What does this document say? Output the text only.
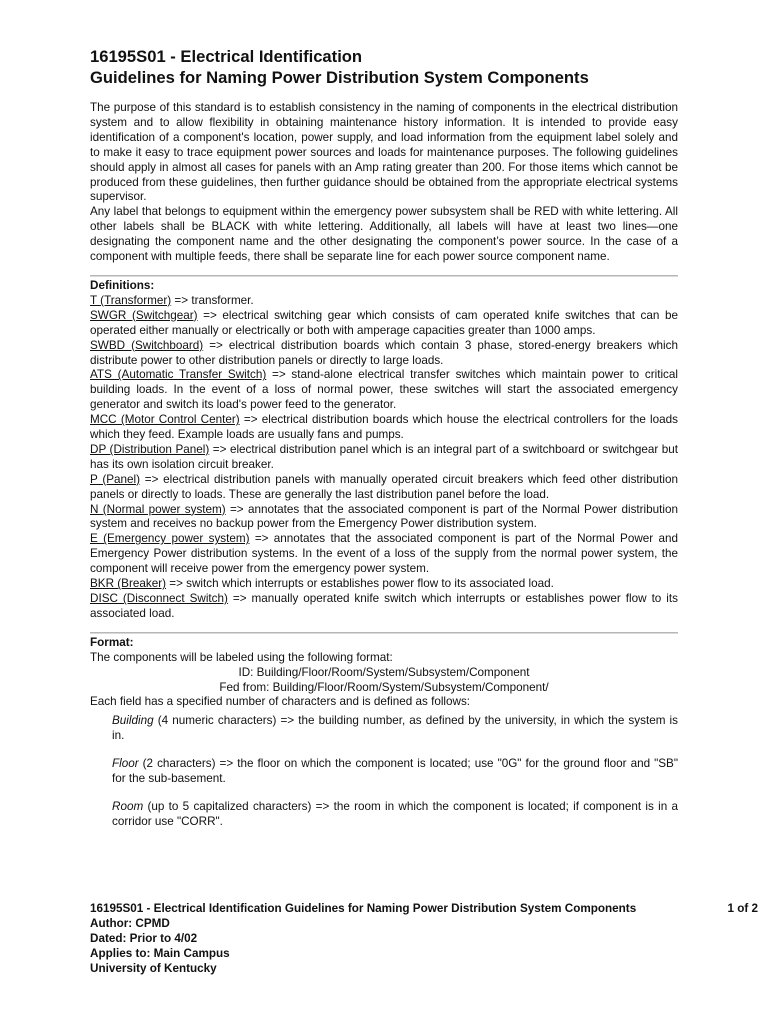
16195S01 - Electrical Identification
Guidelines for Naming Power Distribution System Components

The purpose of this standard is to establish consistency in the naming of components in the electrical distribution system and to allow flexibility in obtaining maintenance history information. It is intended to provide easy identification of a component's location, power supply, and load information from the equipment label solely and to make it easy to trace equipment power sources and loads for maintenance purposes. The following guidelines should apply in almost all cases for panels with an Amp rating greater than 200. For those items which cannot be produced from these guidelines, then further guidance should be obtained from the appropriate electrical systems supervisor.

Any label that belongs to equipment within the emergency power subsystem shall be RED with white lettering. All other labels shall be BLACK with white lettering. Additionally, all labels will have at least two lines—one designating the component name and the other designating the component’s power source. In the case of a component with multiple feeds, there shall be separate line for each power source component name.

Definitions:
T (Transformer) => transformer.
SWGR (Switchgear) => electrical switching gear which consists of cam operated knife switches that can be operated either manually or electrically or both with amperage capacities greater than 1000 amps.
SWBD (Switchboard) => electrical distribution boards which contain 3 phase, stored-energy breakers which distribute power to other distribution panels or directly to large loads.
ATS (Automatic Transfer Switch) => stand-alone electrical transfer switches which maintain power to critical building loads. In the event of a loss of normal power, these switches will start the associated emergency generator and switch its load's power feed to the generator.
MCC (Motor Control Center) => electrical distribution boards which house the electrical controllers for the loads which they feed. Example loads are usually fans and pumps.
DP (Distribution Panel) => electrical distribution panel which is an integral part of a switchboard or switchgear but has its own isolation circuit breaker.
P (Panel) => electrical distribution panels with manually operated circuit breakers which feed other distribution panels or directly to loads. These are generally the last distribution panel before the load.
N (Normal power system) => annotates that the associated component is part of the Normal Power distribution system and receives no backup power from the Emergency Power distribution system.
E (Emergency power system) => annotates that the associated component is part of the Normal Power and Emergency Power distribution systems. In the event of a loss of the supply from the normal power system, the component will receive power from the emergency power system.
BKR (Breaker) => switch which interrupts or establishes power flow to its associated load.
DISC (Disconnect Switch) => manually operated knife switch which interrupts or establishes power flow to its associated load.
Format:
The components will be labeled using the following format:
ID: Building/Floor/Room/System/Subsystem/Component
Fed from: Building/Floor/Room/System/Subsystem/Component/
Each field has a specified number of characters and is defined as follows:
Building (4 numeric characters) => the building number, as defined by the university, in which the system is in.
Floor (2 characters) => the floor on which the component is located; use "0G" for the ground floor and "SB" for the sub-basement.
Room (up to 5 capitalized characters) => the room in which the component is located; if component is in a corridor use "CORR".
16195S01 - Electrical Identification Guidelines for Naming Power Distribution System Components
Author: CPMD
Dated: Prior to 4/02
Applies to: Main Campus
University of Kentucky
1 of 2
